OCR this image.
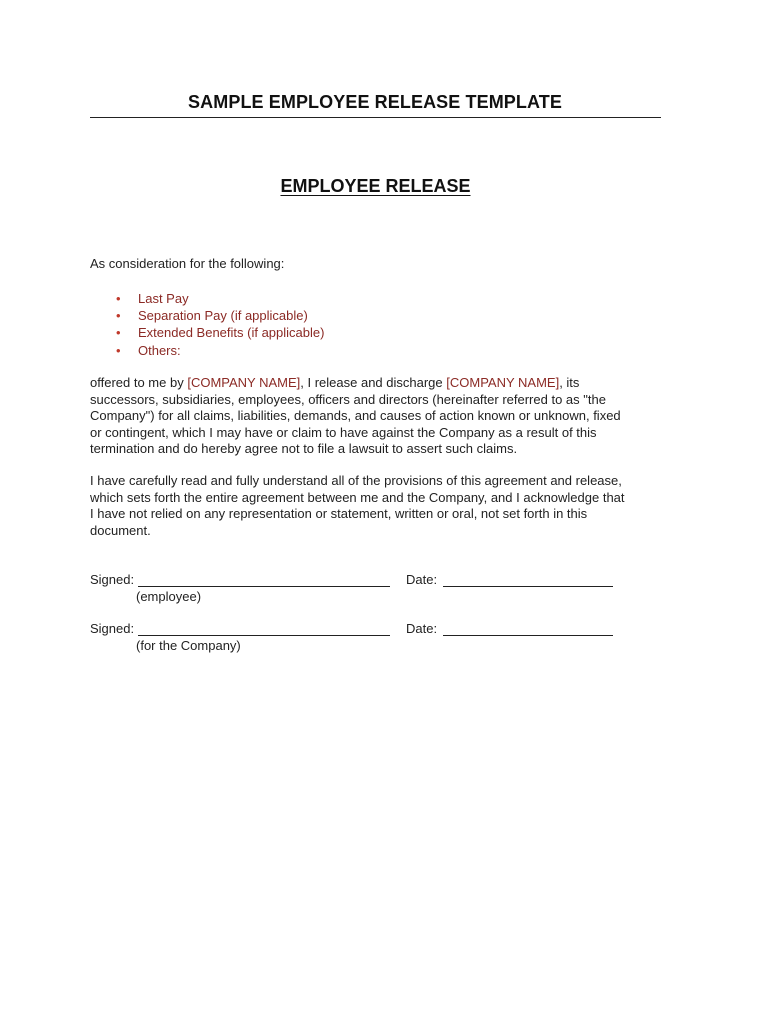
SAMPLE EMPLOYEE RELEASE TEMPLATE
EMPLOYEE RELEASE
As consideration for the following:
• Last Pay
• Separation Pay (if applicable)
• Extended Benefits (if applicable)
• Others:
offered to me by [COMPANY NAME], I release and discharge [COMPANY NAME], its
successors, subsidiaries, employees, officers and directors (hereinafter referred to as "the
Company") for all claims, liabilities, demands, and causes of action known or unknown, fixed
or contingent, which I may have or claim to have against the Company as a result of this
termination and do hereby agree not to file a lawsuit to assert such claims.
I have carefully read and fully understand all of the provisions of this agreement and release,
which sets forth the entire agreement between me and the Company, and I acknowledge that
I have not relied on any representation or statement, written or oral, not set forth in this
document.
Signed:	Date:
(employee)
Signed:	Date:
(for the Company)
